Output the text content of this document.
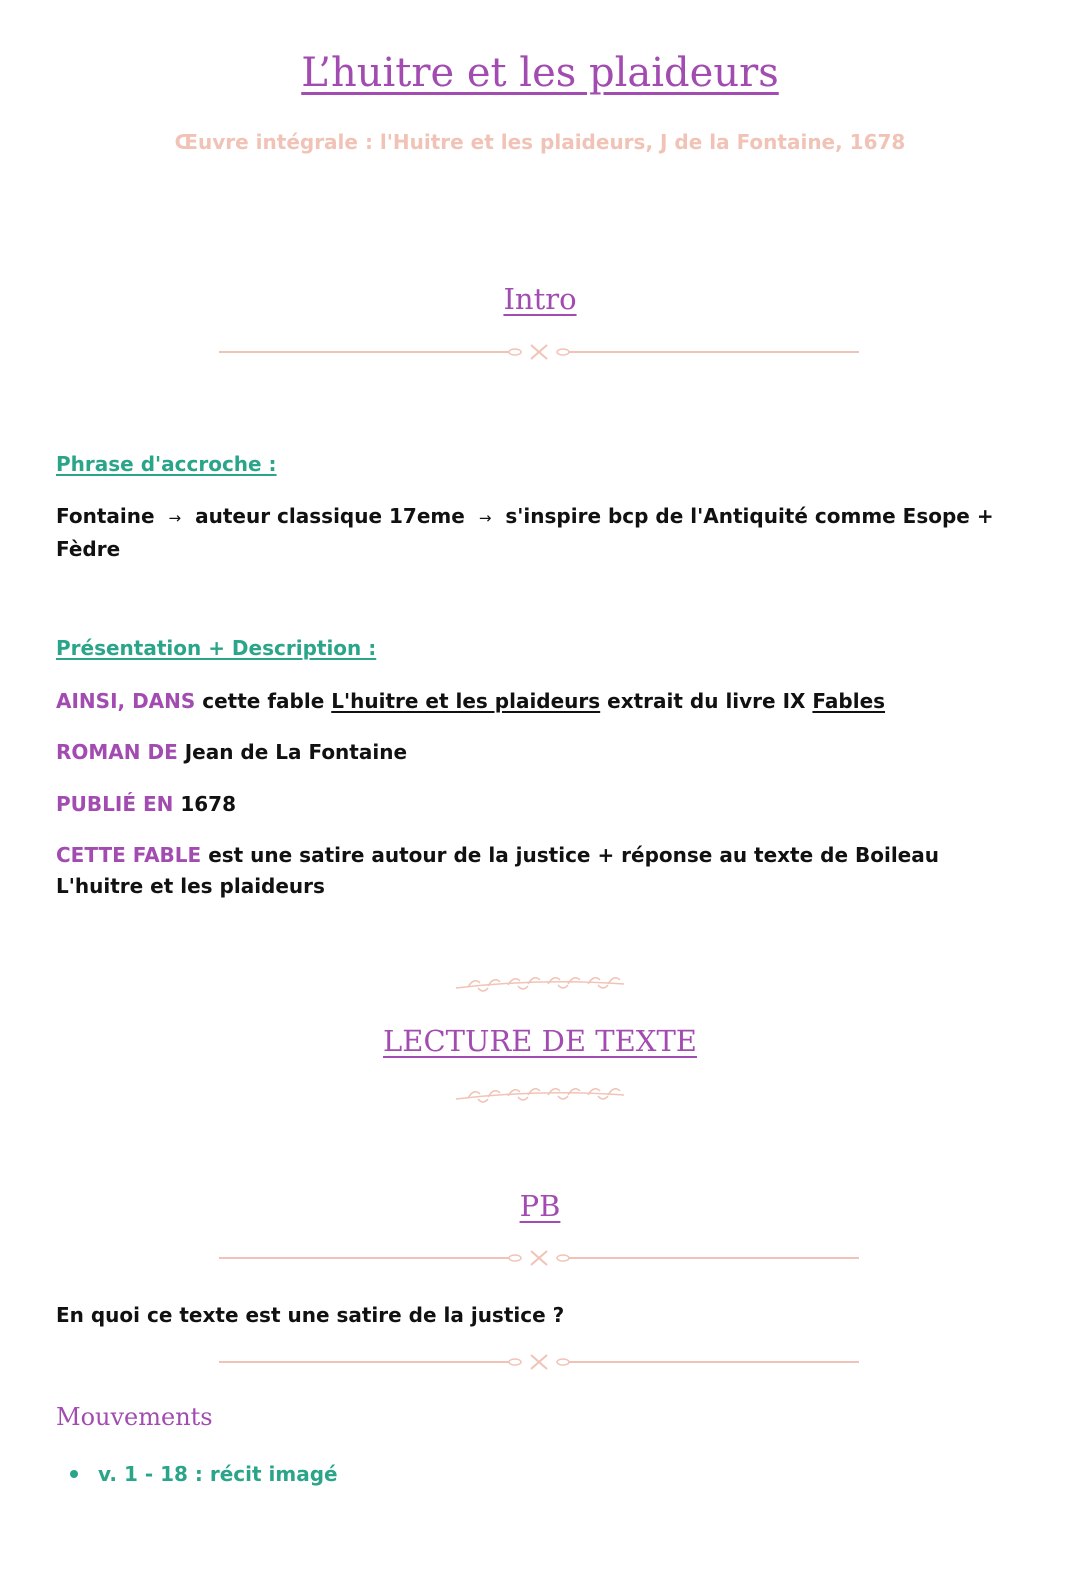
L’huitre et les plaideurs
Œuvre intégrale : l'Huitre et les plaideurs, J de la Fontaine, 1678
Intro
Phrase d'accroche :
Fontaine → auteur classique 17eme → s'inspire bcp de l'Antiquité comme Esope + Fèdre
Présentation + Description :
AINSI, DANS cette fable L'huitre et les plaideurs extrait du livre IX Fables
ROMAN DE Jean de La Fontaine
PUBLIÉ EN 1678
CETTE FABLE est une satire autour de la justice + réponse au texte de Boileau L'huitre et les plaideurs
LECTURE DE TEXTE
PB
En quoi ce texte est une satire de la justice ?
Mouvements
v. 1 - 18 : récit imagé
